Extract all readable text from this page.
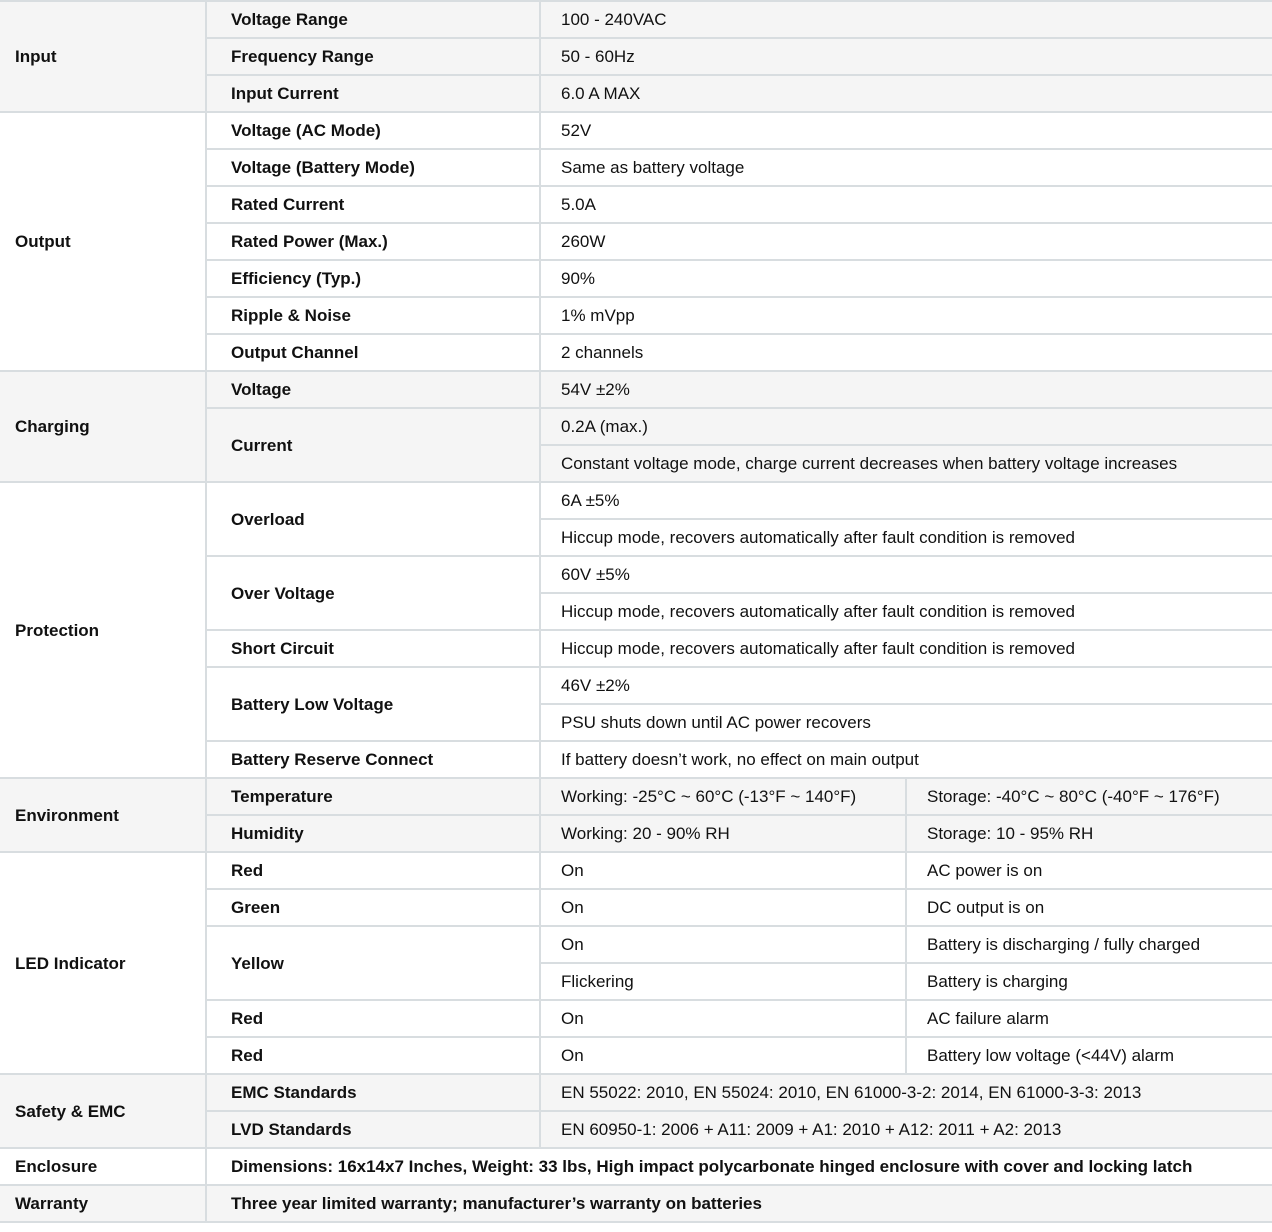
Input	Voltage Range	100 - 240VAC	
	Frequency Range	50 - 60Hz	
	Input Current	6.0 A MAX	
Output	Voltage (AC Mode)	52V	
	Voltage (Battery Mode)	Same as battery voltage	
	Rated Current	5.0A	
	Rated Power (Max.)	260W	
	Efficiency (Typ.)	90%	
	Ripple & Noise	1% mVpp	
	Output Channel	2 channels	
Charging	Voltage	54V ±2%	
	Current	0.2A (max.)	
		Constant voltage mode, charge current decreases when battery voltage increases	
Protection	Overload	6A ±5%	
		Hiccup mode, recovers automatically after fault condition is removed	
	Over Voltage	60V ±5%	
		Hiccup mode, recovers automatically after fault condition is removed	
	Short Circuit	Hiccup mode, recovers automatically after fault condition is removed	
	Battery Low Voltage	46V ±2%	
		PSU shuts down until AC power recovers	
	Battery Reserve Connect	If battery doesn’t work, no effect on main output	
Environment	Temperature	Working: -25°C ~ 60°C (-13°F ~ 140°F)	Storage: -40°C ~ 80°C (-40°F ~ 176°F)
	Humidity	Working: 20 - 90% RH	Storage: 10 - 95% RH
LED Indicator	Red	On	AC power is on
	Green	On	DC output is on
	Yellow	On	Battery is discharging / fully charged
		Flickering	Battery is charging
	Red	On	AC failure alarm
	Red	On	Battery low voltage (<44V) alarm
Safety & EMC	EMC Standards	EN 55022: 2010, EN 55024: 2010, EN 61000-3-2: 2014, EN 61000-3-3: 2013	
	LVD Standards	EN 60950-1: 2006 + A11: 2009 + A1: 2010 + A12: 2011 + A2: 2013	
Enclosure	Dimensions: 16x14x7 Inches, Weight: 33 lbs, High impact polycarbonate hinged enclosure with cover and locking latch		
Warranty	Three year limited warranty; manufacturer’s warranty on batteries		
